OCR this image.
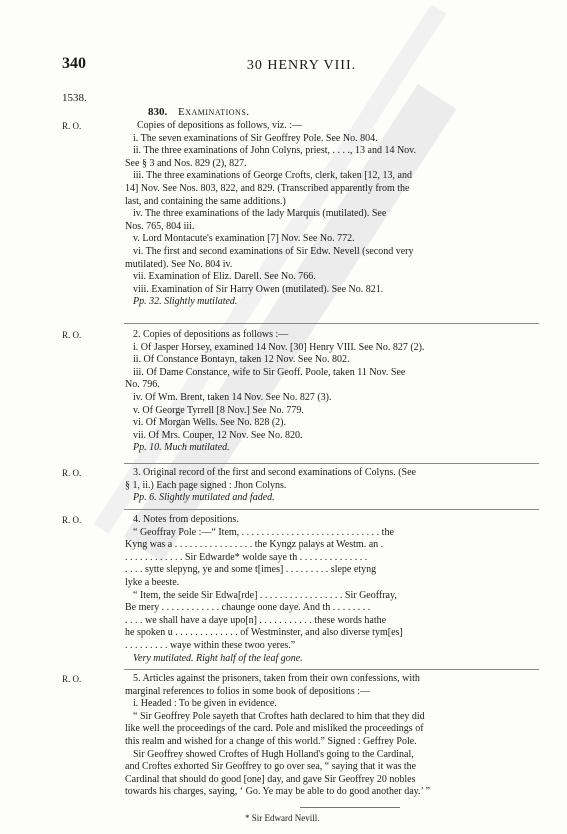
340	30 HENRY VIII.
1538.
830. Examinations.
R. O.	Copies of depositions as follows, viz. :—
i. The seven examinations of Sir Geoffrey Pole. See No. 804.
ii. The three examinations of John Colyns, priest, . . . ., 13 and 14 Nov.
See § 3 and Nos. 829 (2), 827.
iii. The three examinations of George Crofts, clerk, taken [12, 13, and
14] Nov. See Nos. 803, 822, and 829. (Transcribed apparently from the
last, and containing the same additions.)
iv. The three examinations of the lady Marquis (mutilated). See
Nos. 765, 804 iii.
v. Lord Montacute's examination [7] Nov. See No. 772.
vi. The first and second examinations of Sir Edw. Nevell (second very
mutilated). See No. 804 iv.
vii. Examination of Eliz. Darell. See No. 766.
viii. Examination of Sir Harry Owen (mutilated). See No. 821.
Pp. 32. Slightly mutilated.
R. O.	2. Copies of depositions as follows :—
i. Of Jasper Horsey, examined 14 Nov. [30] Henry VIII. See No. 827 (2).
ii. Of Constance Bontayn, taken 12 Nov. See No. 802.
iii. Of Dame Constance, wife to Sir Geoff. Poole, taken 11 Nov. See
No. 796.
iv. Of Wm. Brent, taken 14 Nov. See No. 827 (3).
v. Of George Tyrrell [8 Nov.] See No. 779.
vi. Of Morgan Wells. See No. 828 (2).
vii. Of Mrs. Couper, 12 Nov. See No. 820.
Pp. 10. Much mutilated.
R. O.	3. Original record of the first and second examinations of Colyns. (See
§ 1, ii.) Each page signed : Jhon Colyns.
Pp. 6. Slightly mutilated and faded.
R. O.	4. Notes from depositions.
“ Geoffray Pole :—“ Item, . . . . . . . . . . . . . . . . . . . . . . . . . . . . the
Kyng was a . . . . . . . . . . . . . . . . the Kyngz palays at Westm. an .
. . . . . . . . . . . . Sir Edwarde* wolde saye th . . . . . . . . . . . . . .
. . . . sytte slepyng, ye and some t[imes] . . . . . . . . . slepe etyng
lyke a beeste.
“ Item, the seide Sir Edwa[rde] . . . . . . . . . . . . . . . . . Sir Geoffray,
Be mery . . . . . . . . . . . . chaunge oone daye. And th . . . . . . . .
. . . . we shall have a daye upo[n] . . . . . . . . . . . these words hathe
he spoken u . . . . . . . . . . . . . of Westminster, and also diverse tym[es]
. . . . . . . . . waye within these twoo yeres.”
Very mutilated. Right half of the leaf gone.
R. O.	5. Articles against the prisoners, taken from their own confessions, with
marginal references to folios in some book of depositions :—
i. Headed : To be given in evidence.
“ Sir Geoffrey Pole sayeth that Croftes hath declared to him that they did
like well the proceedings of the card. Pole and misliked the proceedings of
this realm and wished for a change of this world.” Signed : Geffrey Pole.
Sir Geoffrey showed Croftes of Hugh Holland's going to the Cardinal,
and Croftes exhorted Sir Geoffrey to go over sea, “ saying that it was the
Cardinal that should do good [one] day, and gave Sir Geoffrey 20 nobles
towards his charges, saying, ‘ Go. Ye may be able to do good another day.’ ”
* Sir Edward Nevill.
